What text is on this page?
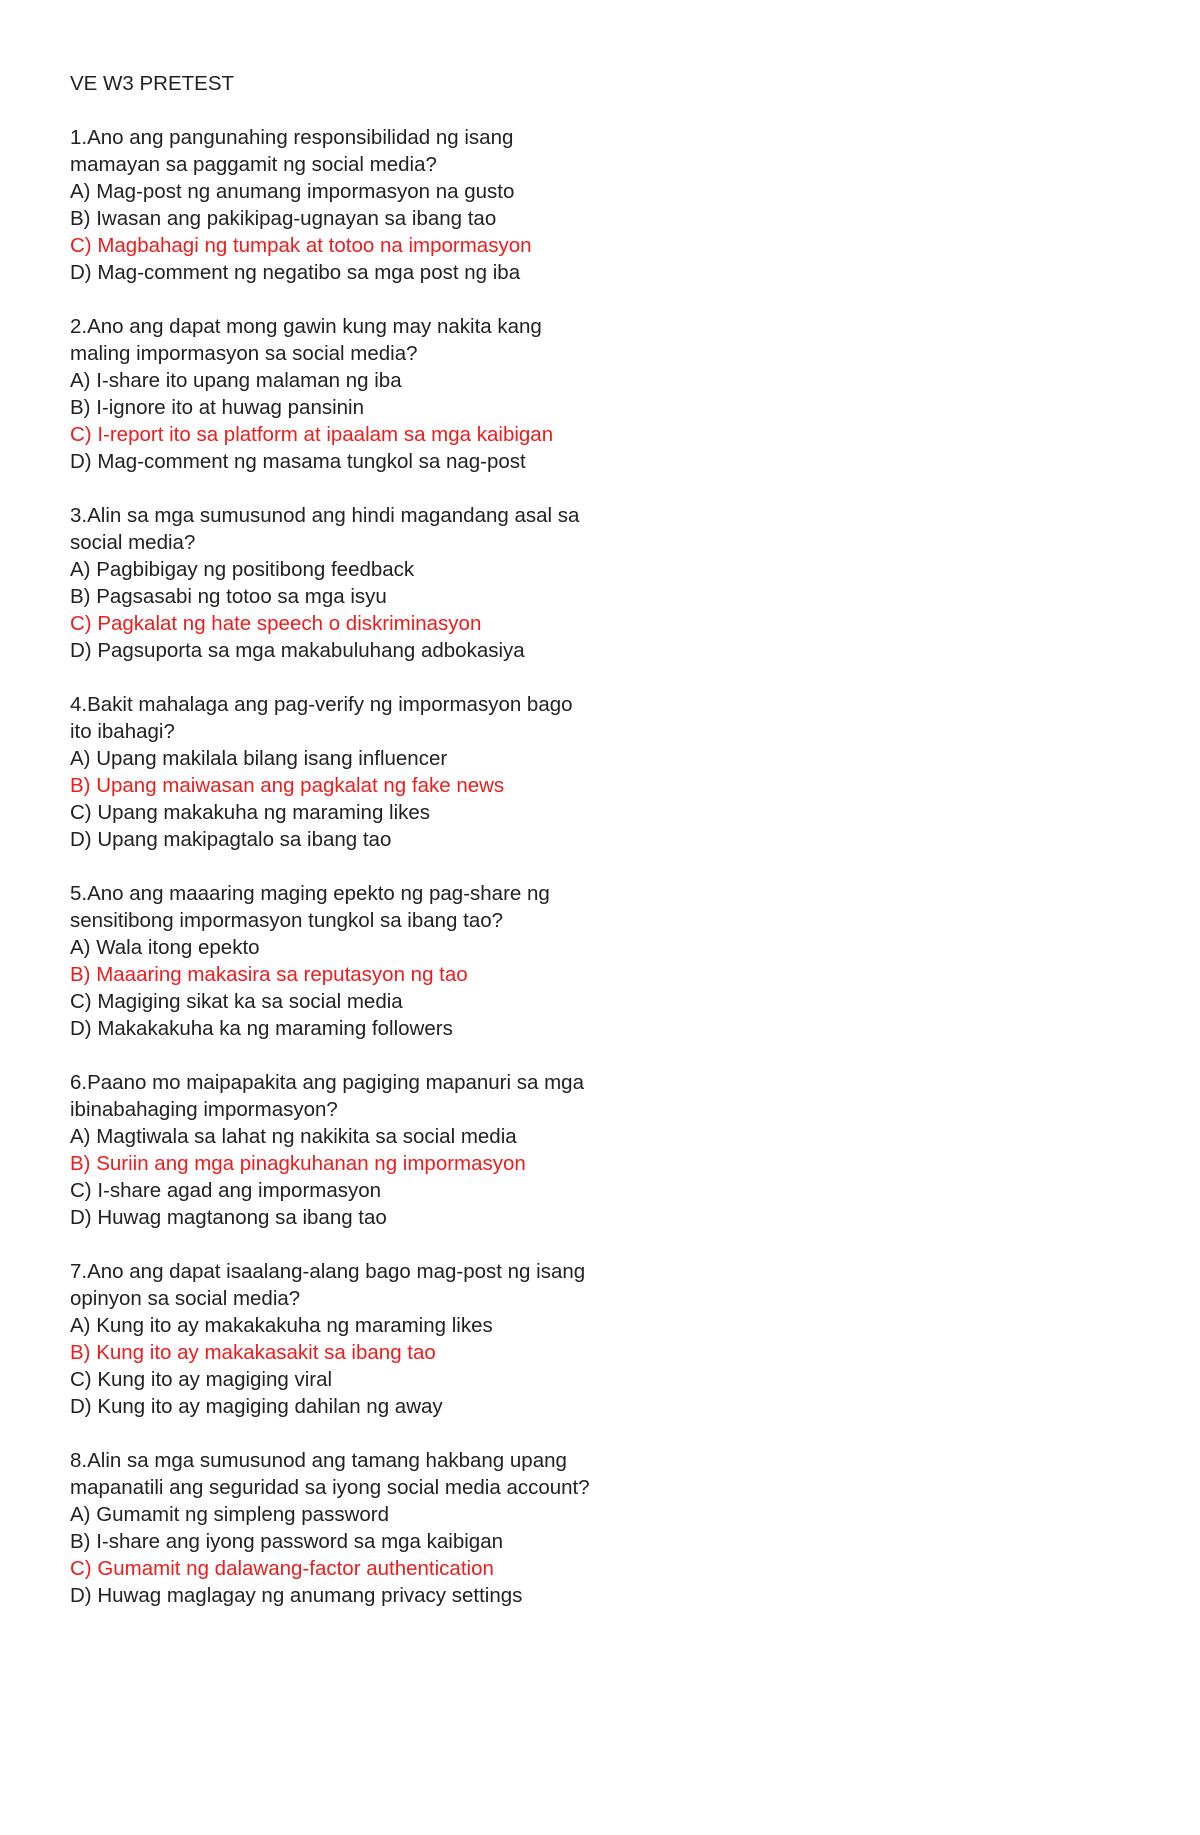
VE W3 PRETEST
1.Ano ang pangunahing responsibilidad ng isang mamayan sa paggamit ng social media?
A) Mag-post ng anumang impormasyon na gusto
B) Iwasan ang pakikipag-ugnayan sa ibang tao
C) Magbahagi ng tumpak at totoo na impormasyon
D) Mag-comment ng negatibo sa mga post ng iba
2.Ano ang dapat mong gawin kung may nakita kang maling impormasyon sa social media?
A) I-share ito upang malaman ng iba
B) I-ignore ito at huwag pansinin
C) I-report ito sa platform at ipaalam sa mga kaibigan
D) Mag-comment ng masama tungkol sa nag-post
3.Alin sa mga sumusunod ang hindi magandang asal sa social media?
A) Pagbibigay ng positibong feedback
B) Pagsasabi ng totoo sa mga isyu
C) Pagkalat ng hate speech o diskriminasyon
D) Pagsuporta sa mga makabuluhang adbokasiya
4.Bakit mahalaga ang pag-verify ng impormasyon bago ito ibahagi?
A) Upang makilala bilang isang influencer
B) Upang maiwasan ang pagkalat ng fake news
C) Upang makakuha ng maraming likes
D) Upang makipagtalo sa ibang tao
5.Ano ang maaaring maging epekto ng pag-share ng sensitibong impormasyon tungkol sa ibang tao?
A) Wala itong epekto
B) Maaaring makasira sa reputasyon ng tao
C) Magiging sikat ka sa social media
D) Makakakuha ka ng maraming followers
6.Paano mo maipapakita ang pagiging mapanuri sa mga ibinabahaging impormasyon?
A) Magtiwala sa lahat ng nakikita sa social media
B) Suriin ang mga pinagkuhanan ng impormasyon
C) I-share agad ang impormasyon
D) Huwag magtanong sa ibang tao
7.Ano ang dapat isaalang-alang bago mag-post ng isang opinyon sa social media?
A) Kung ito ay makakakuha ng maraming likes
B) Kung ito ay makakasakit sa ibang tao
C) Kung ito ay magiging viral
D) Kung ito ay magiging dahilan ng away
8.Alin sa mga sumusunod ang tamang hakbang upang mapanatili ang seguridad sa iyong social media account?
A) Gumamit ng simpleng password
B) I-share ang iyong password sa mga kaibigan
C) Gumamit ng dalawang-factor authentication
D) Huwag maglagay ng anumang privacy settings
